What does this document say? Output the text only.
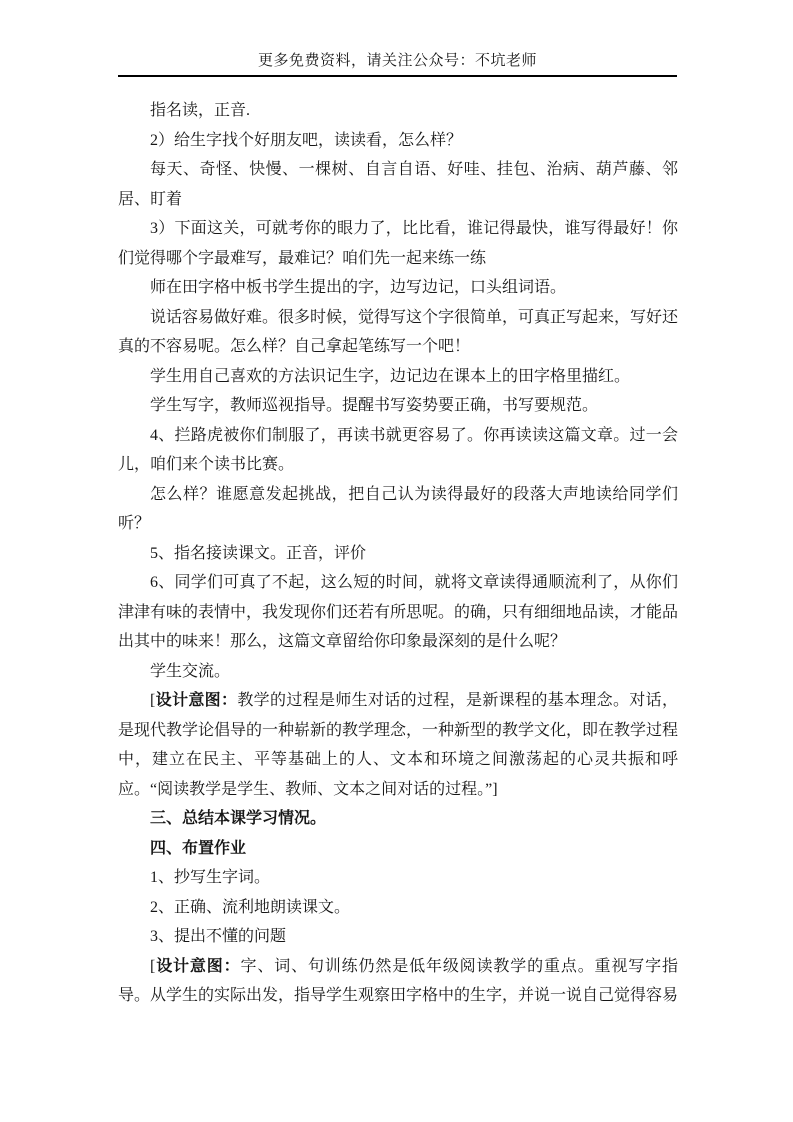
更多免费资料，请关注公众号：不坑老师

指名读，正音.

2）给生字找个好朋友吧，读读看，怎么样？

每天、奇怪、快慢、一棵树、自言自语、好哇、挂包、治病、葫芦藤、邻居、盯着

3）下面这关，可就考你的眼力了，比比看，谁记得最快，谁写得最好！你们觉得哪个字最难写，最难记？咱们先一起来练一练

师在田字格中板书学生提出的字，边写边记，口头组词语。

说话容易做好难。很多时候，觉得写这个字很简单，可真正写起来，写好还真的不容易呢。怎么样？自己拿起笔练写一个吧！

学生用自己喜欢的方法识记生字，边记边在课本上的田字格里描红。

学生写字，教师巡视指导。提醒书写姿势要正确，书写要规范。

4、拦路虎被你们制服了，再读书就更容易了。你再读读这篇文章。过一会儿，咱们来个读书比赛。

怎么样？谁愿意发起挑战，把自己认为读得最好的段落大声地读给同学们听？

5、指名接读课文。正音，评价

6、同学们可真了不起，这么短的时间，就将文章读得通顺流利了，从你们津津有味的表情中，我发现你们还若有所思呢。的确，只有细细地品读，才能品出其中的味来！那么，这篇文章留给你印象最深刻的是什么呢？

学生交流。

[设计意图：教学的过程是师生对话的过程，是新课程的基本理念。对话，是现代教学论倡导的一种崭新的教学理念，一种新型的教学文化，即在教学过程中，建立在民主、平等基础上的人、文本和环境之间激荡起的心灵共振和呼应。“阅读教学是学生、教师、文本之间对话的过程。”]

三、总结本课学习情况。

四、布置作业

1、抄写生字词。

2、正确、流利地朗读课文。

3、提出不懂的问题

[设计意图：字、词、句训练仍然是低年级阅读教学的重点。重视写字指导。从学生的实际出发，指导学生观察田字格中的生字，并说一说自己觉得容易
